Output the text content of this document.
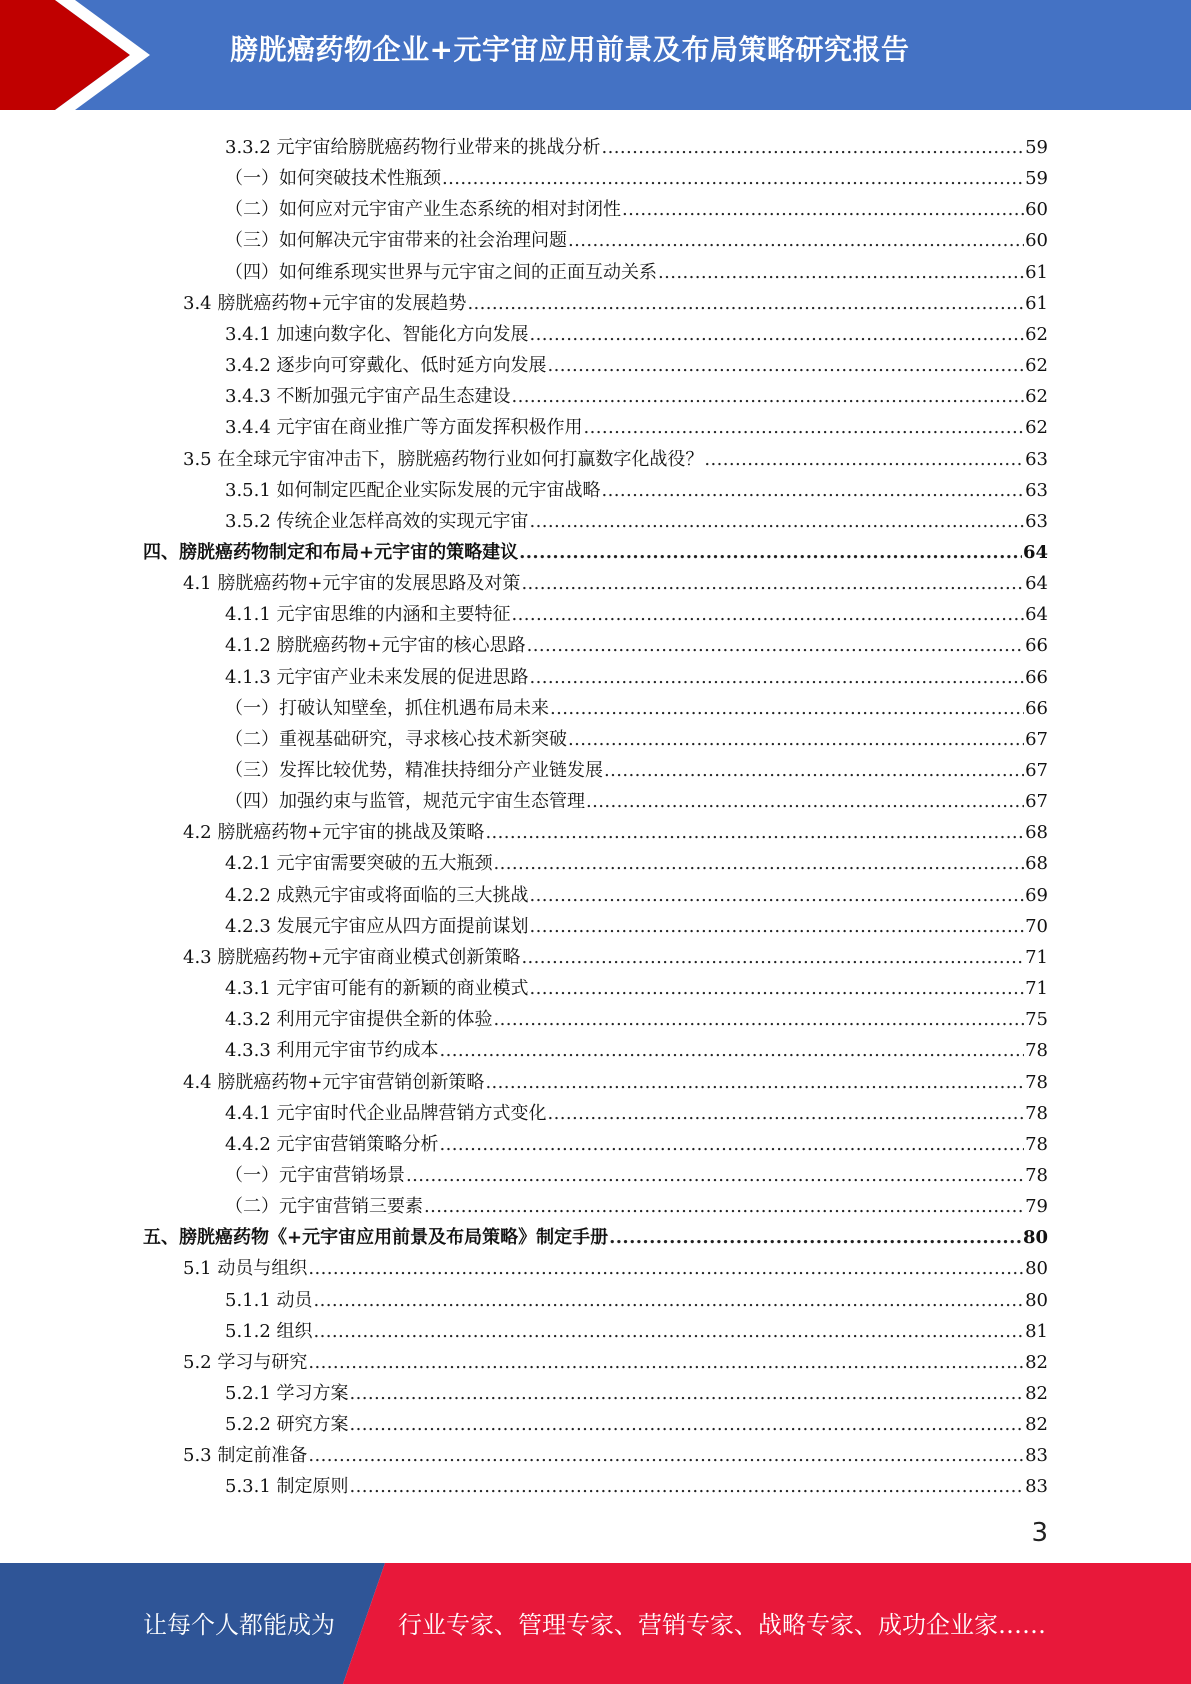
膀胱癌药物企业+元宇宙应用前景及布局策略研究报告
3.3.2 元宇宙给膀胱癌药物行业带来的挑战分析 .....	59
（一）如何突破技术性瓶颈 .....	59
（二）如何应对元宇宙产业生态系统的相对封闭性 .....	60
（三）如何解决元宇宙带来的社会治理问题 .....	60
（四）如何维系现实世界与元宇宙之间的正面互动关系 .....	61
3.4 膀胱癌药物+元宇宙的发展趋势 .....	61
3.4.1 加速向数字化、智能化方向发展 .....	62
3.4.2 逐步向可穿戴化、低时延方向发展 .....	62
3.4.3 不断加强元宇宙产品生态建设 .....	62
3.4.4 元宇宙在商业推广等方面发挥积极作用 .....	62
3.5 在全球元宇宙冲击下，膀胱癌药物行业如何打赢数字化战役？ .....	63
3.5.1 如何制定匹配企业实际发展的元宇宙战略 .....	63
3.5.2 传统企业怎样高效的实现元宇宙 .....	63
四、膀胱癌药物制定和布局+元宇宙的策略建议 .....	64
4.1 膀胱癌药物+元宇宙的发展思路及对策 .....	64
4.1.1 元宇宙思维的内涵和主要特征 .....	64
4.1.2 膀胱癌药物+元宇宙的核心思路 .....	66
4.1.3 元宇宙产业未来发展的促进思路 .....	66
（一）打破认知壁垒，抓住机遇布局未来 .....	66
（二）重视基础研究，寻求核心技术新突破 .....	67
（三）发挥比较优势，精准扶持细分产业链发展 .....	67
（四）加强约束与监管，规范元宇宙生态管理 .....	67
4.2 膀胱癌药物+元宇宙的挑战及策略 .....	68
4.2.1 元宇宙需要突破的五大瓶颈 .....	68
4.2.2 成熟元宇宙或将面临的三大挑战 .....	69
4.2.3 发展元宇宙应从四方面提前谋划 .....	70
4.3 膀胱癌药物+元宇宙商业模式创新策略 .....	71
4.3.1 元宇宙可能有的新颖的商业模式 .....	71
4.3.2 利用元宇宙提供全新的体验 .....	75
4.3.3 利用元宇宙节约成本 .....	78
4.4 膀胱癌药物+元宇宙营销创新策略 .....	78
4.4.1 元宇宙时代企业品牌营销方式变化 .....	78
4.4.2 元宇宙营销策略分析 .....	78
（一）元宇宙营销场景 .....	78
（二）元宇宙营销三要素 .....	79
五、膀胱癌药物《+元宇宙应用前景及布局策略》制定手册 .....	80
5.1 动员与组织 .....	80
5.1.1 动员 .....	80
5.1.2 组织 .....	81
5.2 学习与研究 .....	82
5.2.1 学习方案 .....	82
5.2.2 研究方案 .....	82
5.3 制定前准备 .....	83
5.3.1 制定原则 .....	83
3
让每个人都能成为	行业专家、管理专家、营销专家、战略专家、成功企业家……
